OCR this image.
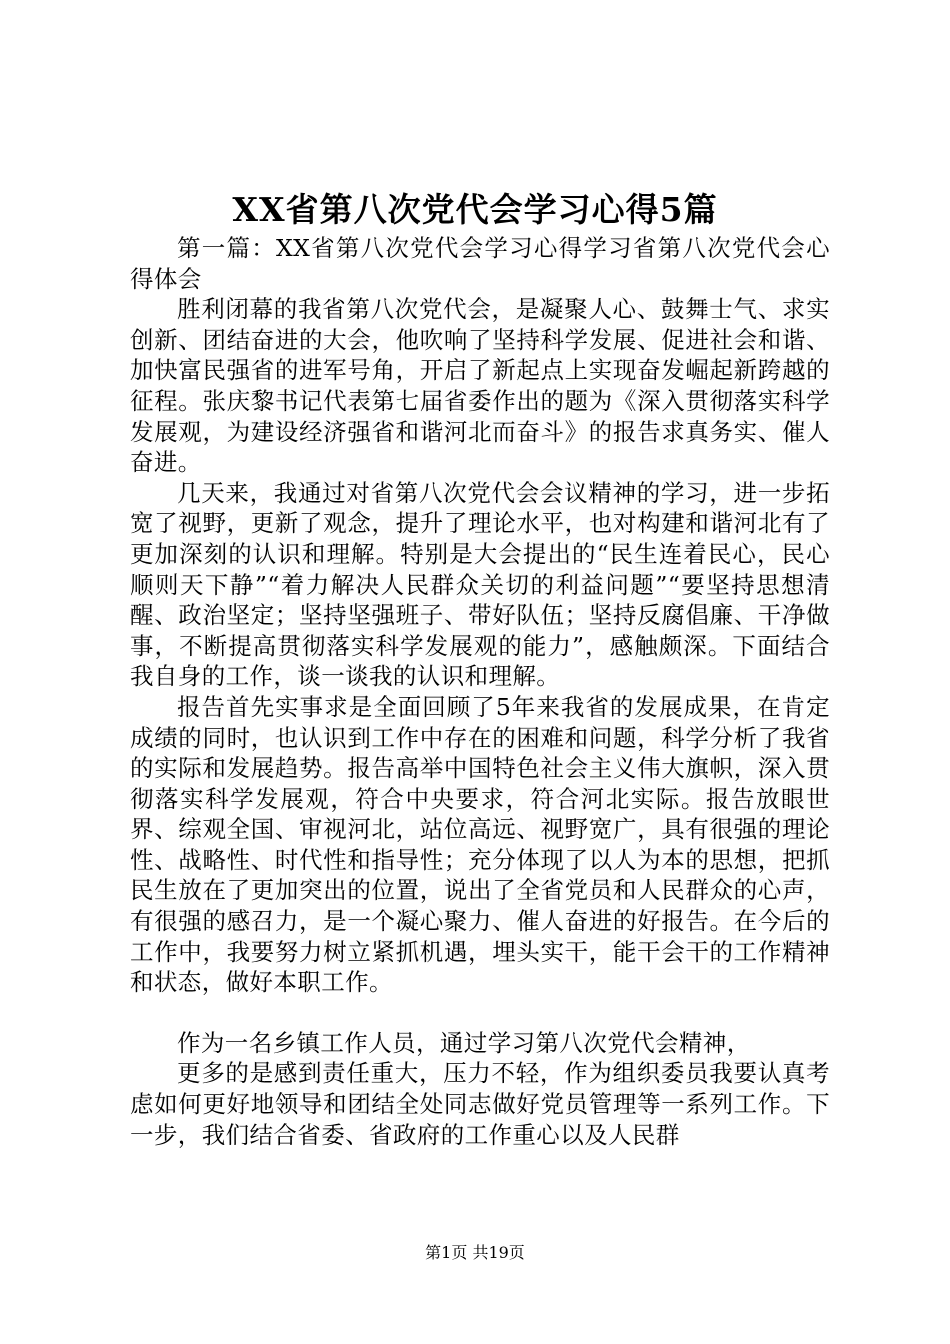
XX省第八次党代会学习心得5篇

第一篇：XX省第八次党代会学习心得学习省第八次党代会心得体会

胜利闭幕的我省第八次党代会，是凝聚人心、鼓舞士气、求实创新、团结奋进的大会，他吹响了坚持科学发展、促进社会和谐、加快富民强省的进军号角，开启了新起点上实现奋发崛起新跨越的征程。张庆黎书记代表第七届省委作出的题为《深入贯彻落实科学发展观，为建设经济强省和谐河北而奋斗》的报告求真务实、催人奋进。

几天来，我通过对省第八次党代会会议精神的学习，进一步拓宽了视野，更新了观念，提升了理论水平，也对构建和谐河北有了更加深刻的认识和理解。特别是大会提出的“民生连着民心，民心顺则天下静”“着力解决人民群众关切的利益问题”“要坚持思想清醒、政治坚定；坚持坚强班子、带好队伍；坚持反腐倡廉、干净做事，不断提高贯彻落实科学发展观的能力”，感触颇深。下面结合我自身的工作，谈一谈我的认识和理解。

报告首先实事求是全面回顾了5年来我省的发展成果，在肯定成绩的同时，也认识到工作中存在的困难和问题，科学分析了我省的实际和发展趋势。报告高举中国特色社会主义伟大旗帜，深入贯彻落实科学发展观，符合中央要求，符合河北实际。报告放眼世界、综观全国、审视河北，站位高远、视野宽广，具有很强的理论性、战略性、时代性和指导性；充分体现了以人为本的思想，把抓民生放在了更加突出的位置，说出了全省党员和人民群众的心声，有很强的感召力，是一个凝心聚力、催人奋进的好报告。在今后的工作中，我要努力树立紧抓机遇，埋头实干，能干会干的工作精神和状态，做好本职工作。

作为一名乡镇工作人员，通过学习第八次党代会精神，

更多的是感到责任重大，压力不轻，作为组织委员我要认真考虑如何更好地领导和团结全处同志做好党员管理等一系列工作。下一步，我们结合省委、省政府的工作重心以及人民群

第1页 共19页
